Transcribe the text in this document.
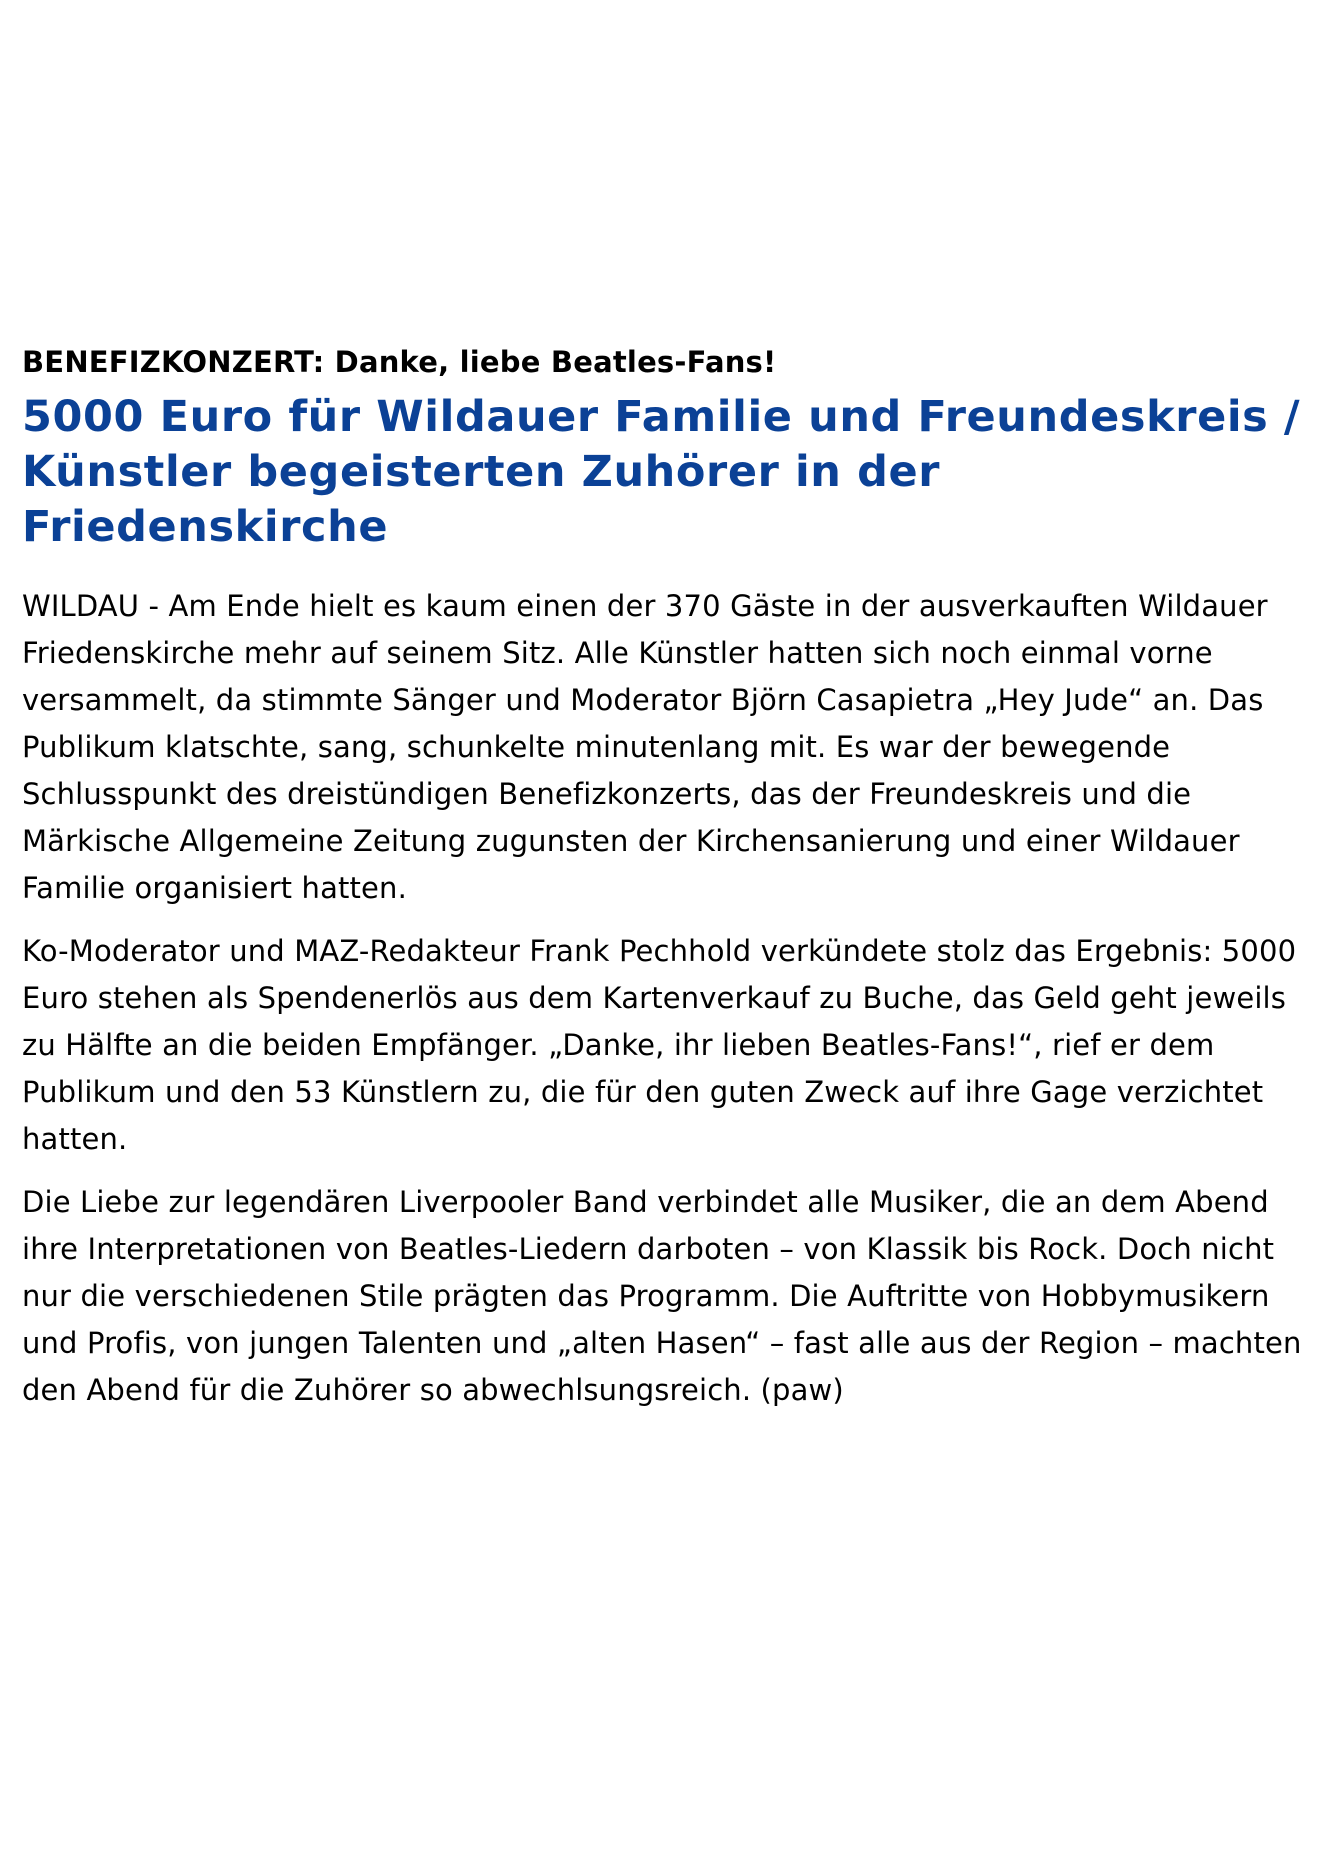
BENEFIZKONZERT: Danke, liebe Beatles-Fans!
5000 Euro für Wildauer Familie und Freundeskreis / Künstler begeisterten Zuhörer in der Friedenskirche

WILDAU - Am Ende hielt es kaum einen der 370 Gäste in der ausverkauften Wildauer Friedenskirche mehr auf seinem Sitz. Alle Künstler hatten sich noch einmal vorne versammelt, da stimmte Sänger und Moderator Björn Casapietra „Hey Jude“ an. Das Publikum klatschte, sang, schunkelte minutenlang mit. Es war der bewegende Schlusspunkt des dreistündigen Benefizkonzerts, das der Freundeskreis und die Märkische Allgemeine Zeitung zugunsten der Kirchensanierung und einer Wildauer Familie organisiert hatten.

Ko-Moderator und MAZ-Redakteur Frank Pechhold verkündete stolz das Ergebnis: 5000 Euro stehen als Spendenerlös aus dem Kartenverkauf zu Buche, das Geld geht jeweils zu Hälfte an die beiden Empfänger. „Danke, ihr lieben Beatles-Fans!“, rief er dem Publikum und den 53 Künstlern zu, die für den guten Zweck auf ihre Gage verzichtet hatten.

Die Liebe zur legendären Liverpooler Band verbindet alle Musiker, die an dem Abend ihre Interpretationen von Beatles-Liedern darboten – von Klassik bis Rock. Doch nicht nur die verschiedenen Stile prägten das Programm. Die Auftritte von Hobbymusikern und Profis, von jungen Talenten und „alten Hasen“ – fast alle aus der Region – machten den Abend für die Zuhörer so abwechlsungsreich. (paw)
